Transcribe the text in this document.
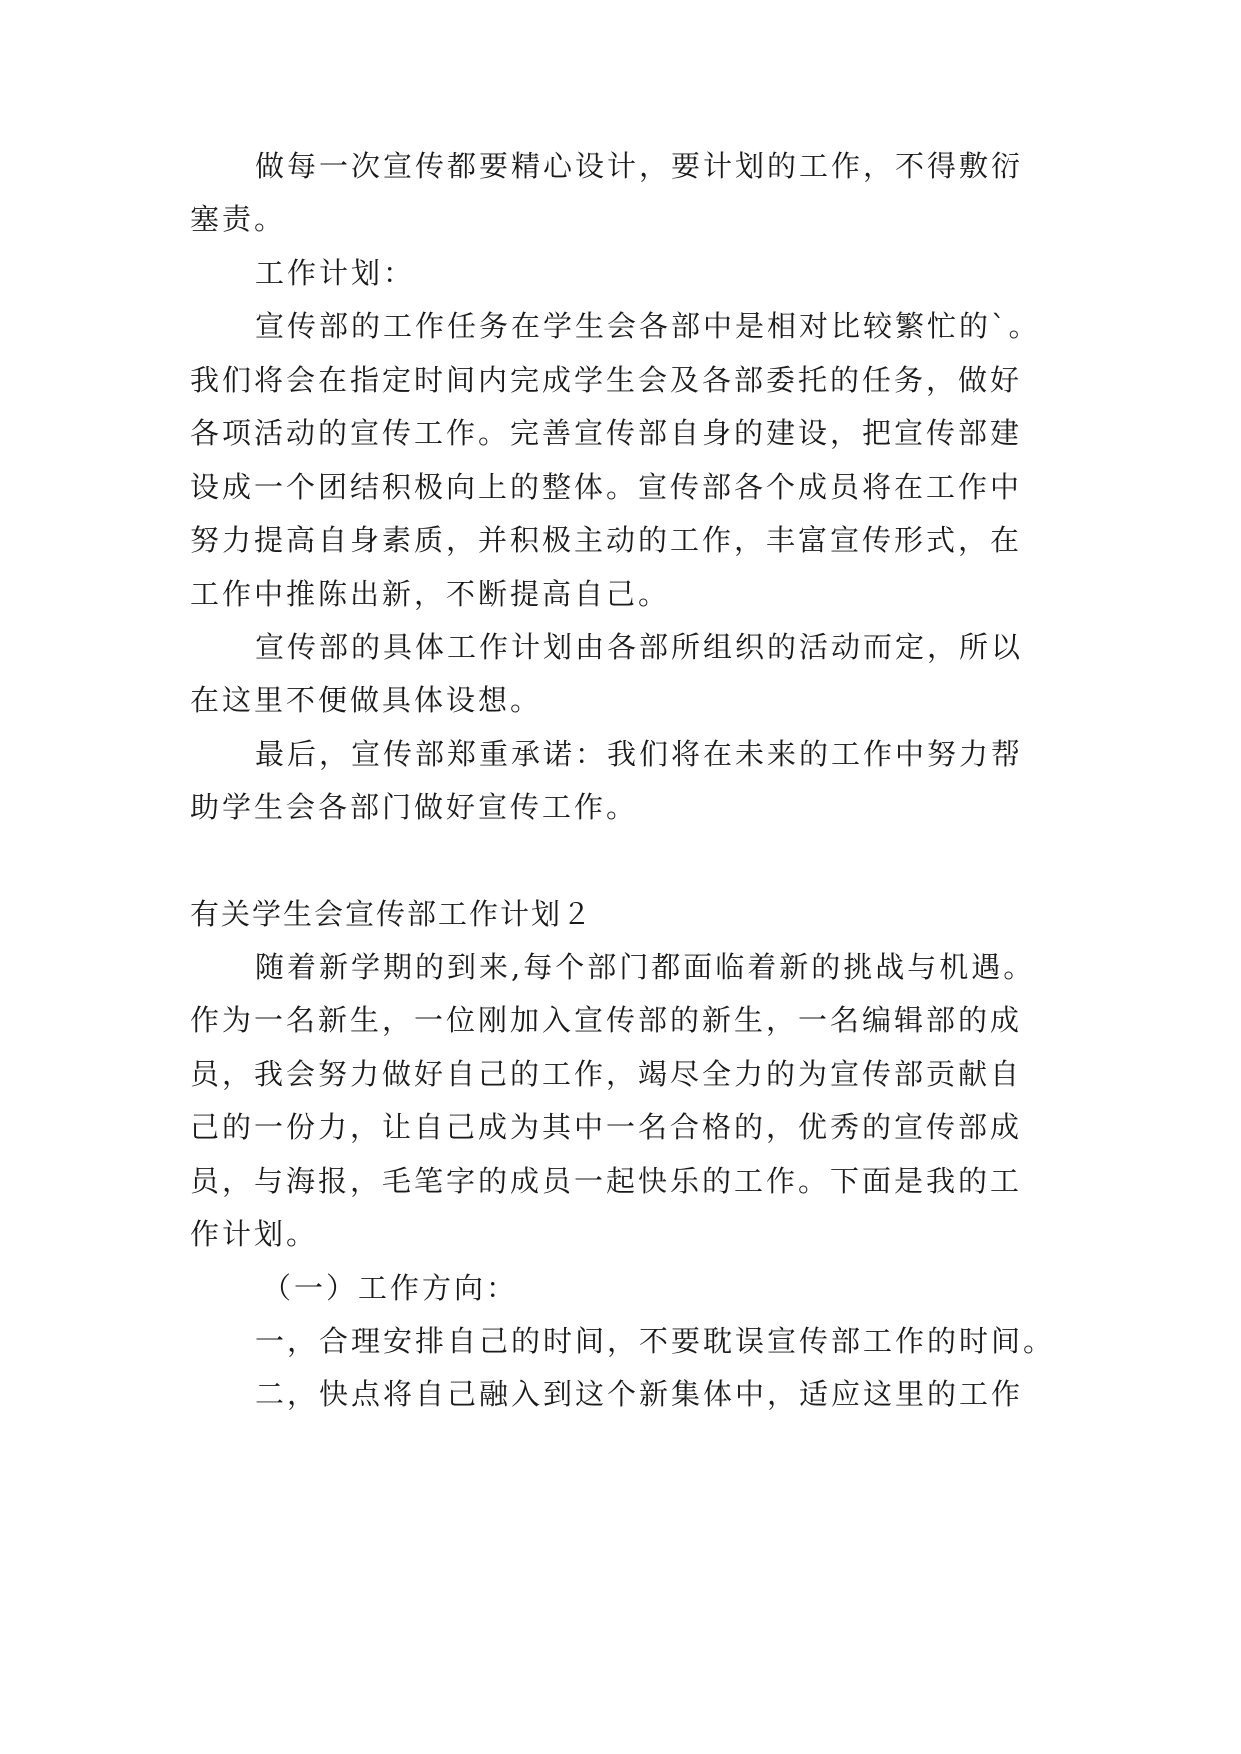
做每一次宣传都要精心设计，要计划的工作，不得敷衍
塞责。
工作计划：
宣传部的工作任务在学生会各部中是相对比较繁忙的`。
我们将会在指定时间内完成学生会及各部委托的任务，做好
各项活动的宣传工作。完善宣传部自身的建设，把宣传部建
设成一个团结积极向上的整体。宣传部各个成员将在工作中
努力提高自身素质，并积极主动的工作，丰富宣传形式，在
工作中推陈出新，不断提高自己。
宣传部的具体工作计划由各部所组织的活动而定，所以
在这里不便做具体设想。
最后，宣传部郑重承诺：我们将在未来的工作中努力帮
助学生会各部门做好宣传工作。
有关学生会宣传部工作计划２
随着新学期的到来,每个部门都面临着新的挑战与机遇。
作为一名新生，一位刚加入宣传部的新生，一名编辑部的成
员，我会努力做好自己的工作，竭尽全力的为宣传部贡献自
己的一份力，让自己成为其中一名合格的，优秀的宣传部成
员，与海报，毛笔字的成员一起快乐的工作。下面是我的工
作计划。
（一）工作方向：
一，合理安排自己的时间，不要耽误宣传部工作的时间。
二，快点将自己融入到这个新集体中，适应这里的工作
